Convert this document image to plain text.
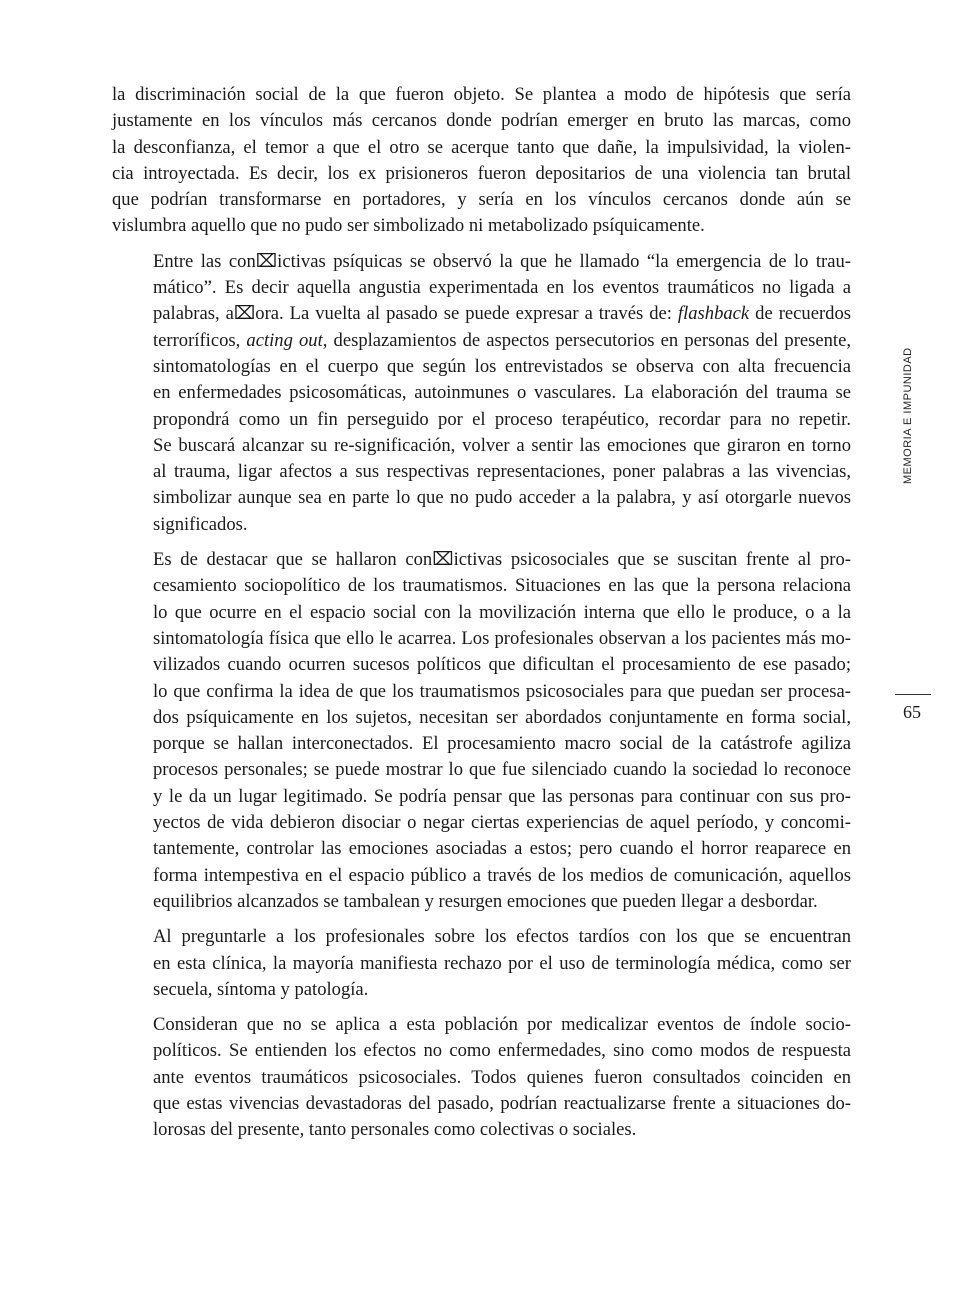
la discriminación social de la que fueron objeto. Se plantea a modo de hipótesis que sería
justamente en los vínculos más cercanos donde podrían emerger en bruto las marcas, como
la desconfianza, el temor a que el otro se acerque tanto que dañe, la impulsividad, la violen-
cia introyectada. Es decir, los ex prisioneros fueron depositarios de una violencia tan brutal
que podrían transformarse en portadores, y sería en los vínculos cercanos donde aún se
vislumbra aquello que no pudo ser simbolizado ni metabolizado psíquicamente.

Entre las con⌧ictivas psíquicas se observó la que he llamado “la emergencia de lo trau-
mático”. Es decir aquella angustia experimentada en los eventos traumáticos no ligada a
palabras, a⌧ora. La vuelta al pasado se puede expresar a través de: flashback de recuerdos
terroríficos, acting out, desplazamientos de aspectos persecutorios en personas del presente,
sintomatologías en el cuerpo que según los entrevistados se observa con alta frecuencia
en enfermedades psicosomáticas, autoinmunes o vasculares. La elaboración del trauma se
propondrá como un fin perseguido por el proceso terapéutico, recordar para no repetir.
Se buscará alcanzar su re-significación, volver a sentir las emociones que giraron en torno
al trauma, ligar afectos a sus respectivas representaciones, poner palabras a las vivencias,
simbolizar aunque sea en parte lo que no pudo acceder a la palabra, y así otorgarle nuevos
significados.

Es de destacar que se hallaron con⌧ictivas psicosociales que se suscitan frente al pro-
cesamiento sociopolítico de los traumatismos. Situaciones en las que la persona relaciona
lo que ocurre en el espacio social con la movilización interna que ello le produce, o a la
sintomatología física que ello le acarrea. Los profesionales observan a los pacientes más mo-
vilizados cuando ocurren sucesos políticos que dificultan el procesamiento de ese pasado;
lo que confirma la idea de que los traumatismos psicosociales para que puedan ser procesa-
dos psíquicamente en los sujetos, necesitan ser abordados conjuntamente en forma social,
porque se hallan interconectados. El procesamiento macro social de la catástrofe agiliza
procesos personales; se puede mostrar lo que fue silenciado cuando la sociedad lo reconoce
y le da un lugar legitimado. Se podría pensar que las personas para continuar con sus pro-
yectos de vida debieron disociar o negar ciertas experiencias de aquel período, y concomi-
tantemente, controlar las emociones asociadas a estos; pero cuando el horror reaparece en
forma intempestiva en el espacio público a través de los medios de comunicación, aquellos
equilibrios alcanzados se tambalean y resurgen emociones que pueden llegar a desbordar.

Al preguntarle a los profesionales sobre los efectos tardíos con los que se encuentran
en esta clínica, la mayoría manifiesta rechazo por el uso de terminología médica, como ser
secuela, síntoma y patología.

Consideran que no se aplica a esta población por medicalizar eventos de índole socio-
políticos. Se entienden los efectos no como enfermedades, sino como modos de respuesta
ante eventos traumáticos psicosociales. Todos quienes fueron consultados coinciden en
que estas vivencias devastadoras del pasado, podrían reactualizarse frente a situaciones do-
lorosas del presente, tanto personales como colectivas o sociales.

MEMORIA E IMPUNIDAD
65
